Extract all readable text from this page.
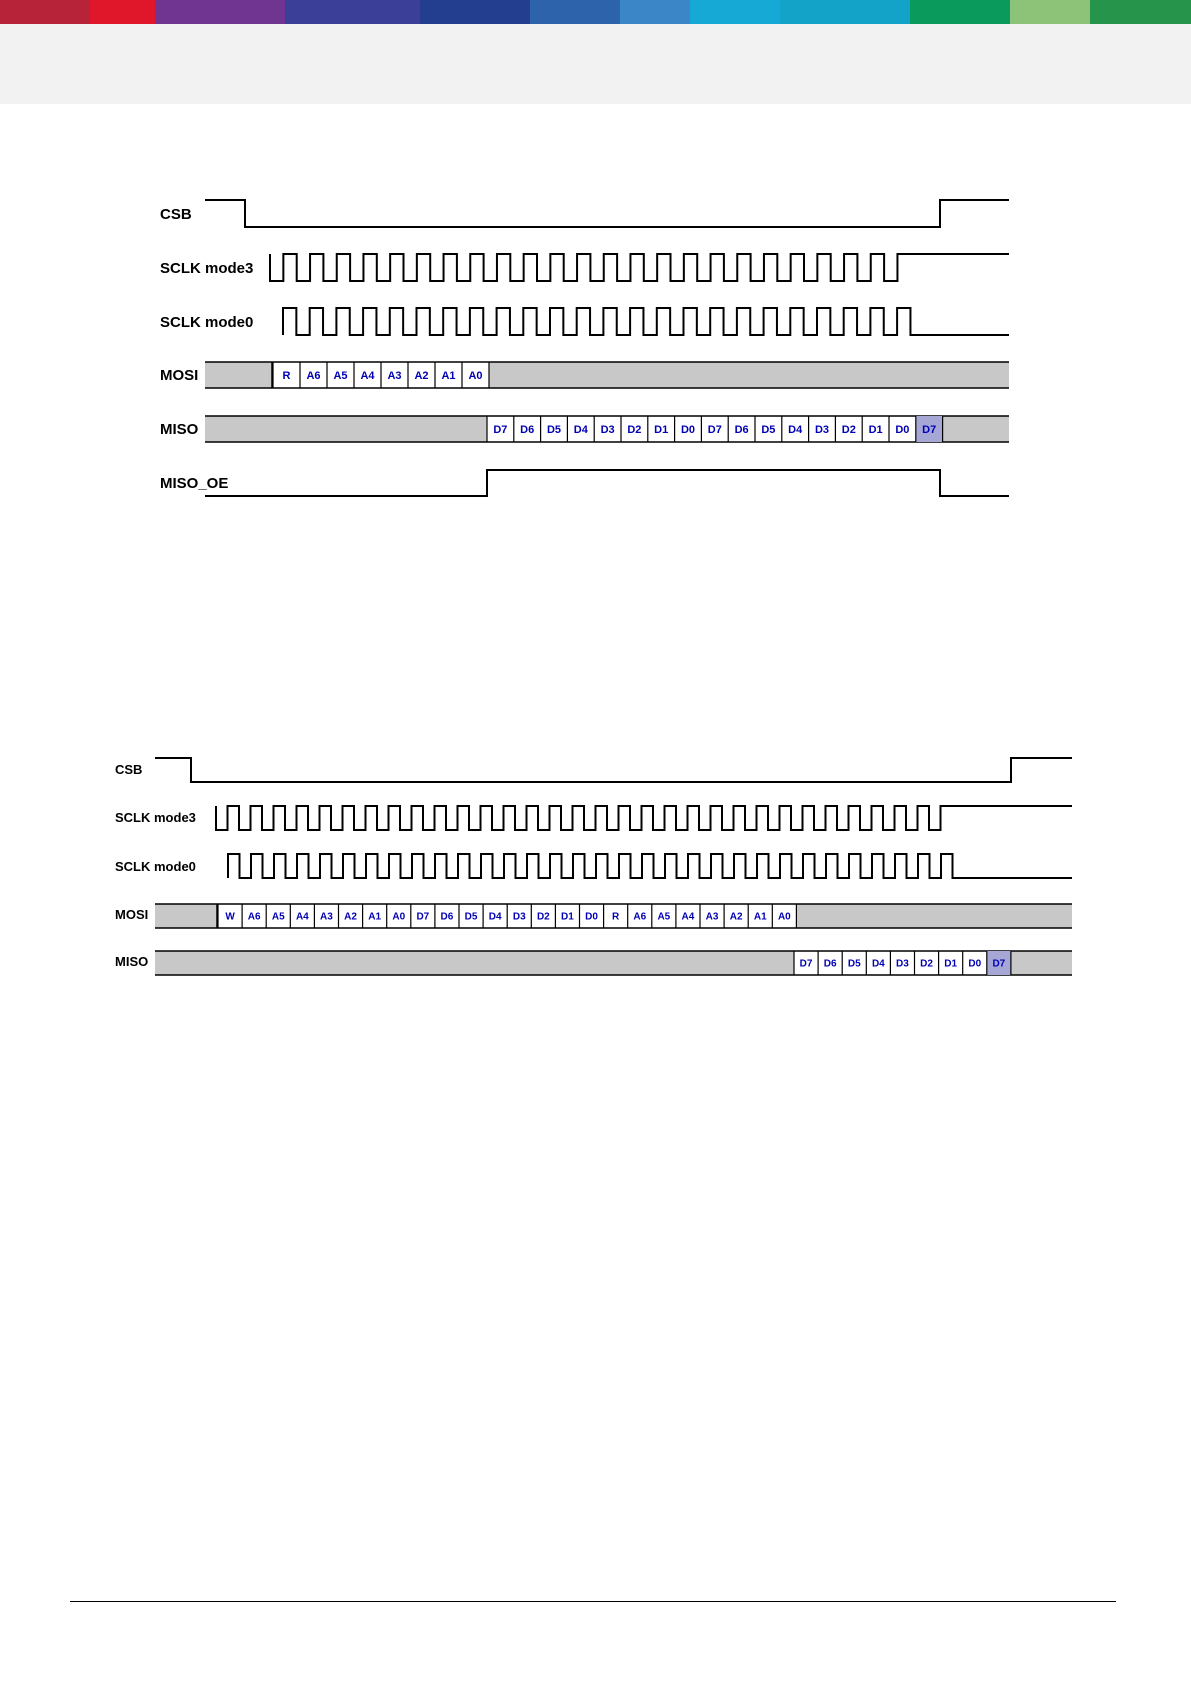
CSB
SCLK mode3
SCLK mode0
MOSI
MISO
MISO_OE
R A6 A5 A4 A3 A2 A1 A0
D7 D6 D5 D4 D3 D2 D1 D0 D7 D6 D5 D4 D3 D2 D1 D0 D7
CSB
SCLK mode3
SCLK mode0
MOSI
MISO
W A6 A5 A4 A3 A2 A1 A0 D7 D6 D5 D4 D3 D2 D1 D0 R A6 A5 A4 A3 A2 A1 A0
D7 D6 D5 D4 D3 D2 D1 D0 D7
